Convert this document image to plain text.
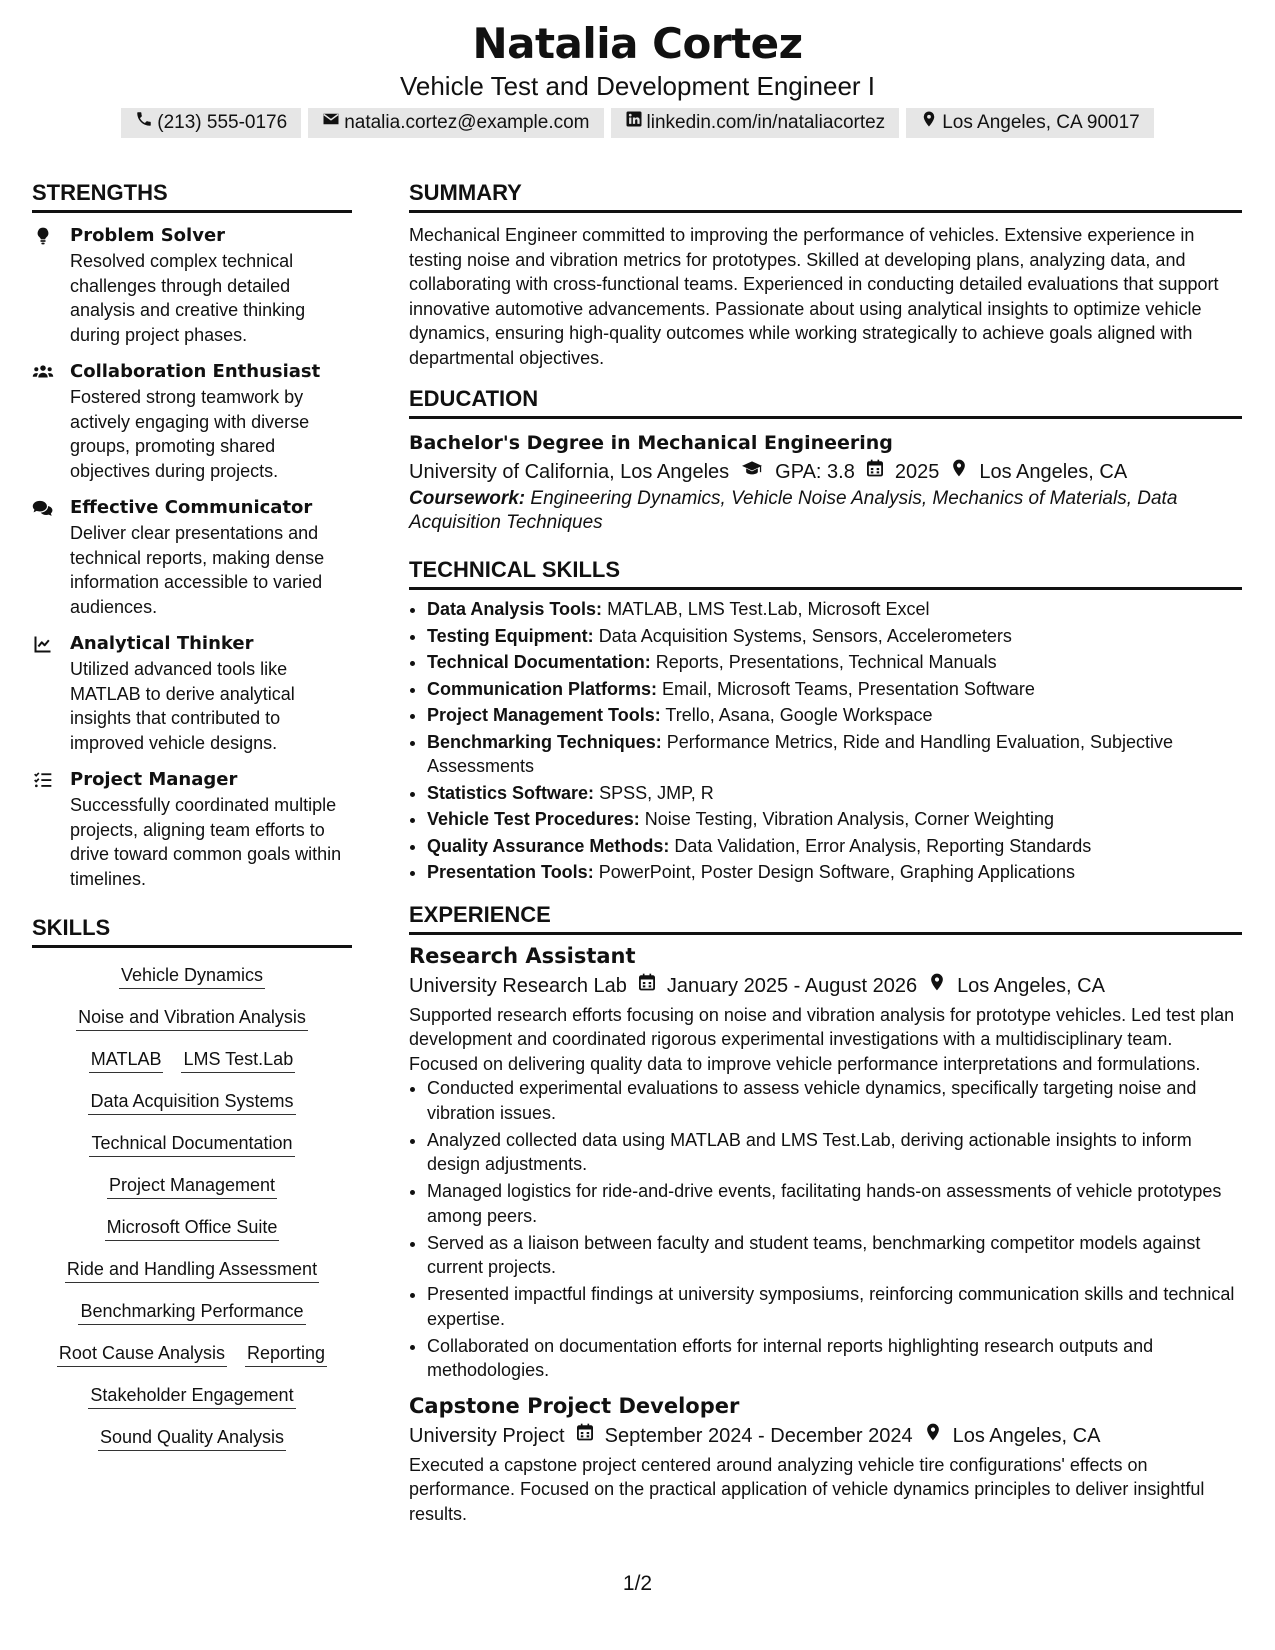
Natalia Cortez
Vehicle Test and Development Engineer I
(213) 555-0176	natalia.cortez@example.com	linkedin.com/in/nataliacortez	Los Angeles, CA 90017
STRENGTHS
Problem Solver
Resolved complex technical challenges through detailed analysis and creative thinking during project phases.
Collaboration Enthusiast
Fostered strong teamwork by actively engaging with diverse groups, promoting shared objectives during projects.
Effective Communicator
Deliver clear presentations and technical reports, making dense information accessible to varied audiences.
Analytical Thinker
Utilized advanced tools like MATLAB to derive analytical insights that contributed to improved vehicle designs.
Project Manager
Successfully coordinated multiple projects, aligning team efforts to drive toward common goals within timelines.
SKILLS
Vehicle Dynamics
Noise and Vibration Analysis
MATLAB LMS Test.Lab
Data Acquisition Systems
Technical Documentation
Project Management
Microsoft Office Suite
Ride and Handling Assessment
Benchmarking Performance
Root Cause Analysis Reporting
Stakeholder Engagement
Sound Quality Analysis
SUMMARY
Mechanical Engineer committed to improving the performance of vehicles. Extensive experience in testing noise and vibration metrics for prototypes. Skilled at developing plans, analyzing data, and collaborating with cross-functional teams. Experienced in conducting detailed evaluations that support innovative automotive advancements. Passionate about using analytical insights to optimize vehicle dynamics, ensuring high-quality outcomes while working strategically to achieve goals aligned with departmental objectives.
EDUCATION
Bachelor's Degree in Mechanical Engineering
University of California, Los Angeles GPA: 3.8 2025 Los Angeles, CA
Coursework: Engineering Dynamics, Vehicle Noise Analysis, Mechanics of Materials, Data Acquisition Techniques
TECHNICAL SKILLS
• Data Analysis Tools: MATLAB, LMS Test.Lab, Microsoft Excel
• Testing Equipment: Data Acquisition Systems, Sensors, Accelerometers
• Technical Documentation: Reports, Presentations, Technical Manuals
• Communication Platforms: Email, Microsoft Teams, Presentation Software
• Project Management Tools: Trello, Asana, Google Workspace
• Benchmarking Techniques: Performance Metrics, Ride and Handling Evaluation, Subjective Assessments
• Statistics Software: SPSS, JMP, R
• Vehicle Test Procedures: Noise Testing, Vibration Analysis, Corner Weighting
• Quality Assurance Methods: Data Validation, Error Analysis, Reporting Standards
• Presentation Tools: PowerPoint, Poster Design Software, Graphing Applications
EXPERIENCE
Research Assistant
University Research Lab January 2025 - August 2026 Los Angeles, CA
Supported research efforts focusing on noise and vibration analysis for prototype vehicles. Led test plan development and coordinated rigorous experimental investigations with a multidisciplinary team. Focused on delivering quality data to improve vehicle performance interpretations and formulations.
• Conducted experimental evaluations to assess vehicle dynamics, specifically targeting noise and vibration issues.
• Analyzed collected data using MATLAB and LMS Test.Lab, deriving actionable insights to inform design adjustments.
• Managed logistics for ride-and-drive events, facilitating hands-on assessments of vehicle prototypes among peers.
• Served as a liaison between faculty and student teams, benchmarking competitor models against current projects.
• Presented impactful findings at university symposiums, reinforcing communication skills and technical expertise.
• Collaborated on documentation efforts for internal reports highlighting research outputs and methodologies.
Capstone Project Developer
University Project September 2024 - December 2024 Los Angeles, CA
Executed a capstone project centered around analyzing vehicle tire configurations' effects on performance. Focused on the practical application of vehicle dynamics principles to deliver insightful results.
1/2
